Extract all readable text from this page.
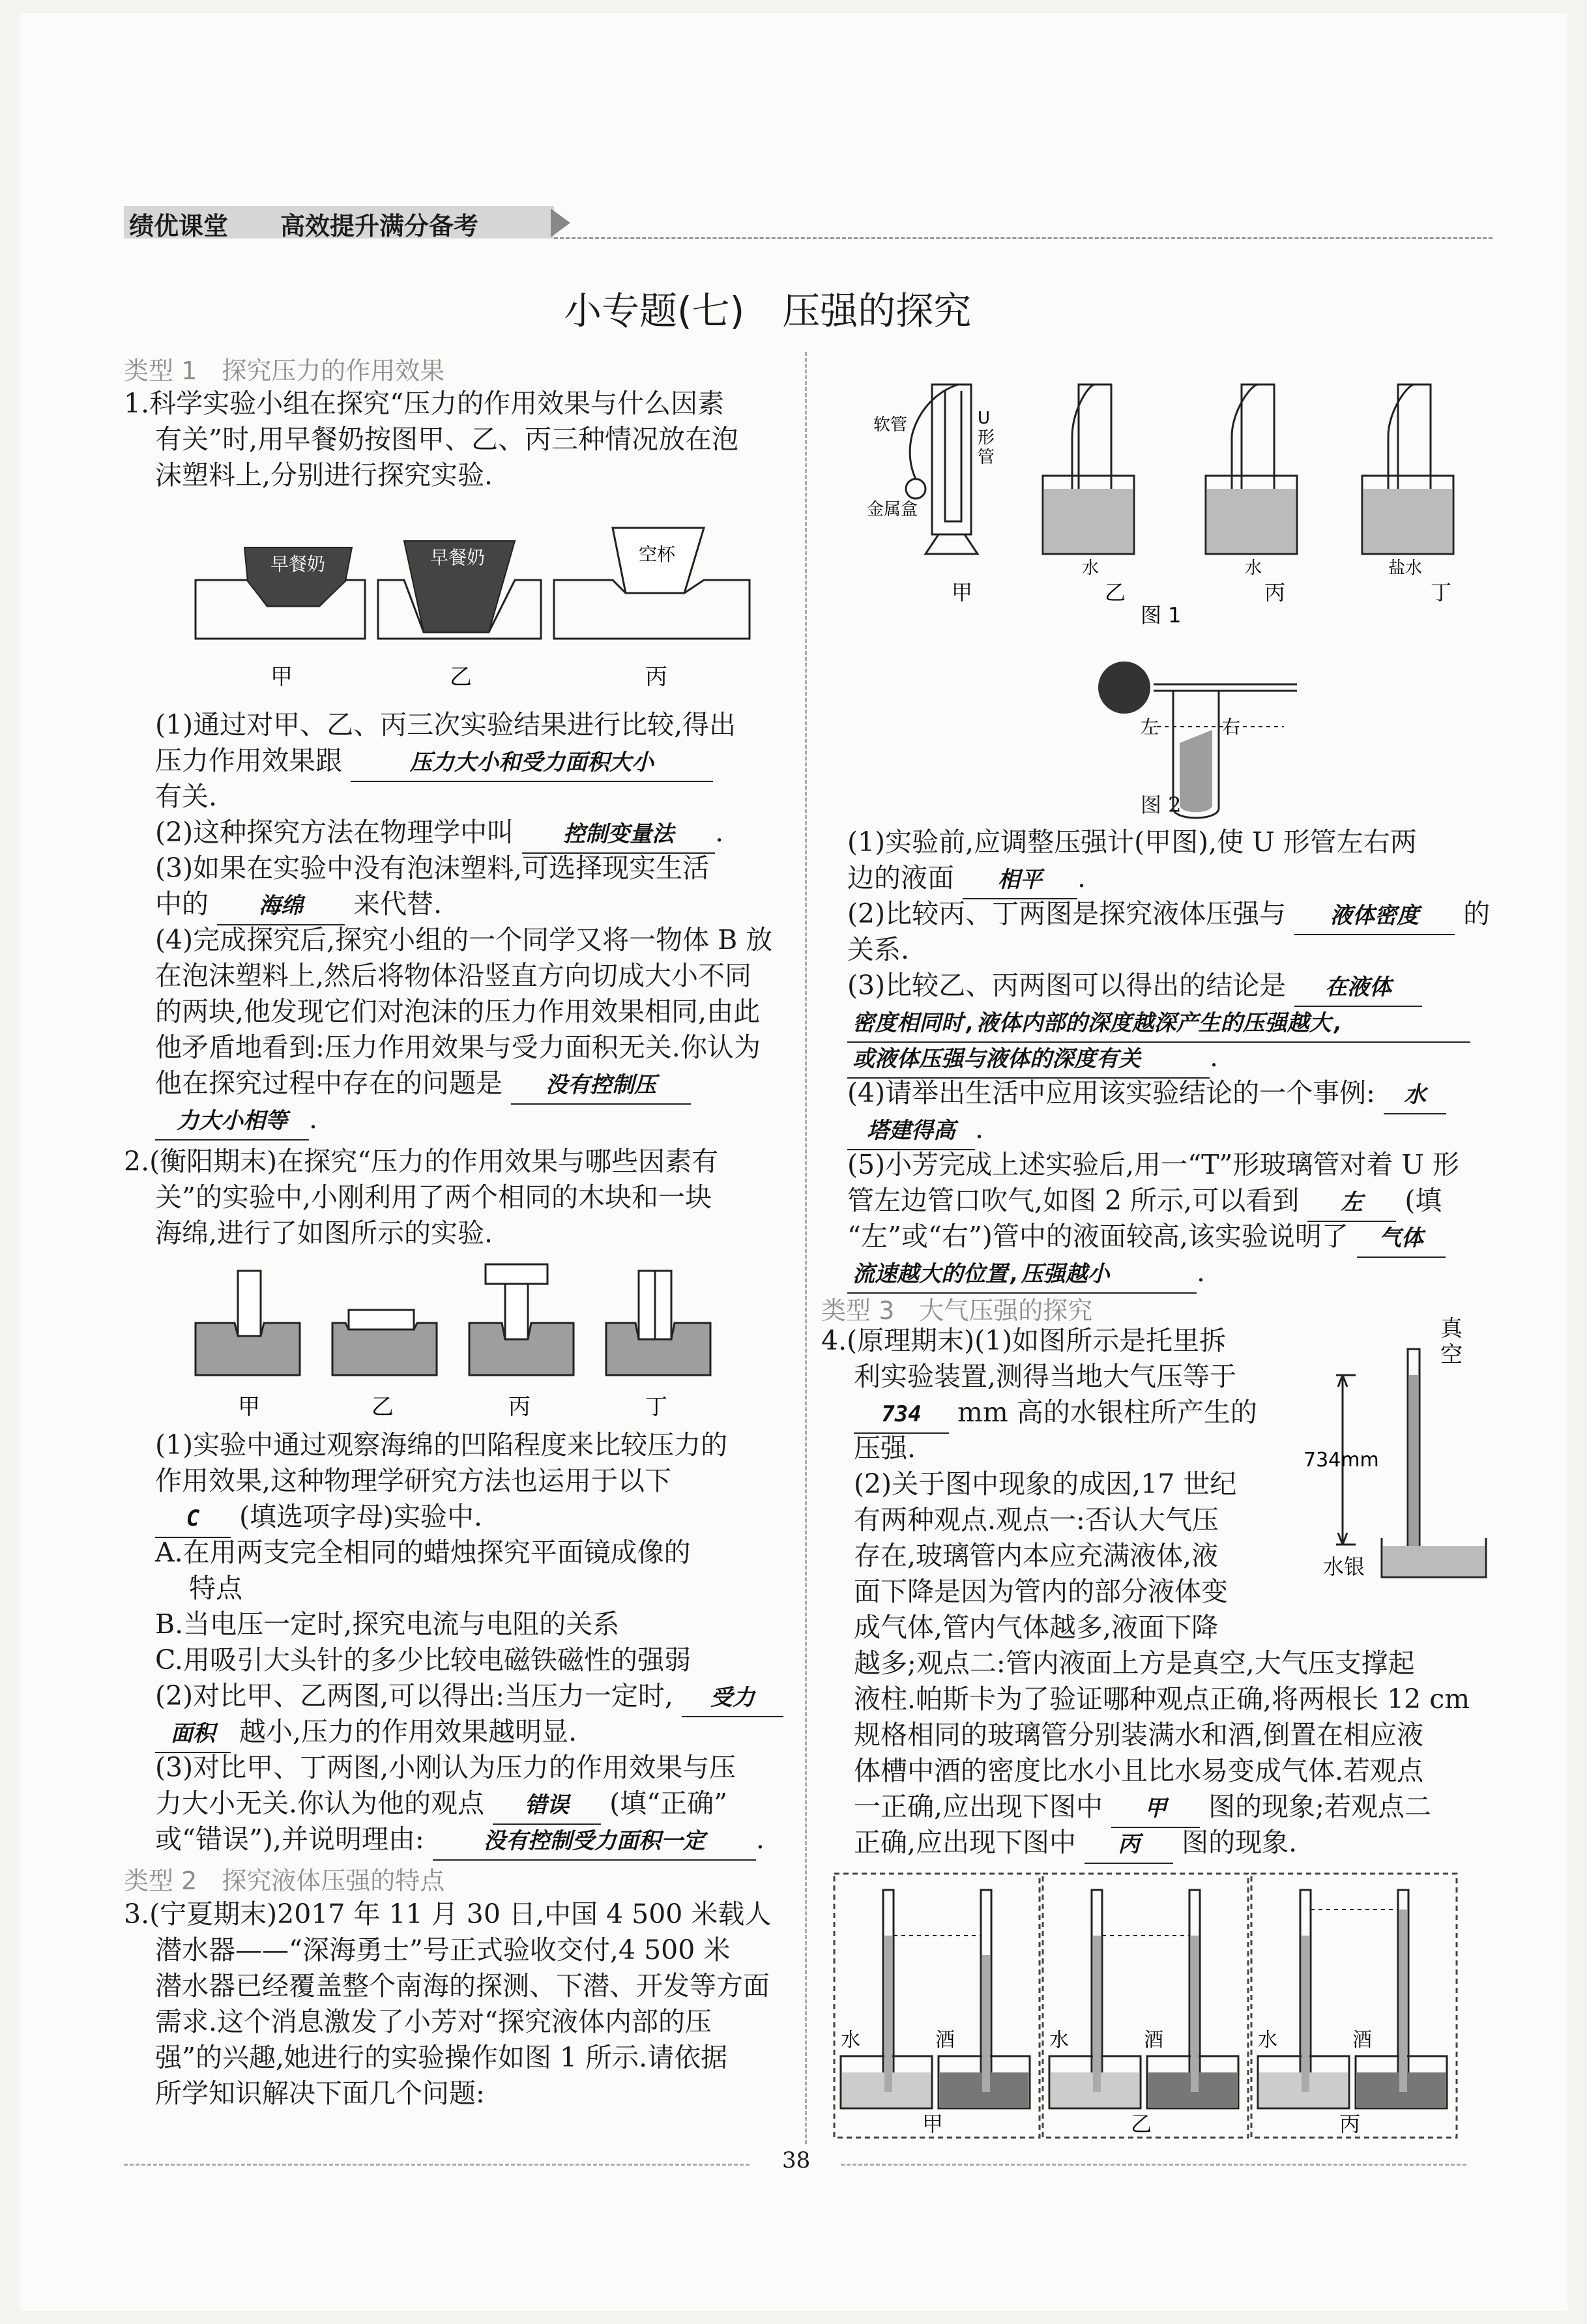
绩优课堂 高效提升满分备考
小专题(七)　压强的探究
类型 1　探究压力的作用效果
1.科学实验小组在探究“压力的作用效果与什么因素
有关”时,用早餐奶按图甲、乙、丙三种情况放在泡
沫塑料上,分别进行探究实验.
早餐奶	早餐奶	空杯
甲	乙	丙
(1)通过对甲、乙、丙三次实验结果进行比较,得出
压力作用效果跟	压力大小和受力面积大小
有关.
(2)这种探究方法在物理学中叫 控制变量法 .
(3)如果在实验中没有泡沫塑料,可选择现实生活
中的 海绵 来代替.
(4)完成探究后,探究小组的一个同学又将一物体 B 放
在泡沫塑料上,然后将物体沿竖直方向切成大小不同
的两块,他发现它们对泡沫的压力作用效果相同,由此
他矛盾地看到:压力作用效果与受力面积无关.你认为
他在探究过程中存在的问题是 没有控制压
力大小相等 .
2.(衡阳期末)在探究“压力的作用效果与哪些因素有
关”的实验中,小刚利用了两个相同的木块和一块
海绵,进行了如图所示的实验.
甲	乙	丙	丁
(1)实验中通过观察海绵的凹陷程度来比较压力的
作用效果,这种物理学研究方法也运用于以下
C (填选项字母)实验中.
A.在用两支完全相同的蜡烛探究平面镜成像的
特点
B.当电压一定时,探究电流与电阻的关系
C.用吸引大头针的多少比较电磁铁磁性的强弱
(2)对比甲、乙两图,可以得出:当压力一定时, 受力
面积 越小,压力的作用效果越明显.
(3)对比甲、丁两图,小刚认为压力的作用效果与压
力大小无关.你认为他的观点 错误 (填“正确”
或“错误”),并说明理由:	没有控制受力面积一定 .
类型 2　探究液体压强的特点
3.(宁夏期末)2017 年 11 月 30 日,中国 4 500 米载人
潜水器——“深海勇士”号正式验收交付,4 500 米
潜水器已经覆盖整个南海的探测、下潜、开发等方面
需求.这个消息激发了小芳对“探究液体内部的压
强”的兴趣,她进行的实验操作如图 1 所示.请依据
所学知识解决下面几个问题:
软管	U
形
管
金属盒
水	水	盐水
甲	乙	丙	丁
图 1
左	右
图 2
(1)实验前,应调整压强计(甲图),使 U 形管左右两
边的液面 相平 .
(2)比较丙、丁两图是探究液体压强与 液体密度 的
关系.
(3)比较乙、丙两图可以得出的结论是 在液体
密度相同时,液体内部的深度越深产生的压强越大,
或液体压强与液体的深度有关	.
(4)请举出生活中应用该实验结论的一个事例: 水
塔建得高 .
(5)小芳完成上述实验后,用一“T”形玻璃管对着 U 形
管左边管口吹气,如图 2 所示,可以看到 左 (填
“左”或“右”)管中的液面较高,该实验说明了 气体
流速越大的位置,压强越小	.
类型 3　大气压强的探究
4.(原理期末)(1)如图所示是托里拆
利实验装置,测得当地大气压等于
734 mm 高的水银柱所产生的
压强.
(2)关于图中现象的成因,17 世纪
有两种观点.观点一:否认大气压
存在,玻璃管内本应充满液体,液
面下降是因为管内的部分液体变
成气体,管内气体越多,液面下降
真
空
734mm
水银
越多;观点二:管内液面上方是真空,大气压支撑起
液柱.帕斯卡为了验证哪种观点正确,将两根长 12 cm
规格相同的玻璃管分别装满水和酒,倒置在相应液
体槽中酒的密度比水小且比水易变成气体.若观点
一正确,应出现下图中 甲 图的现象;若观点二
正确,应出现下图中 丙 图的现象.
水	酒	水	酒	水	酒
甲	乙	丙
38
